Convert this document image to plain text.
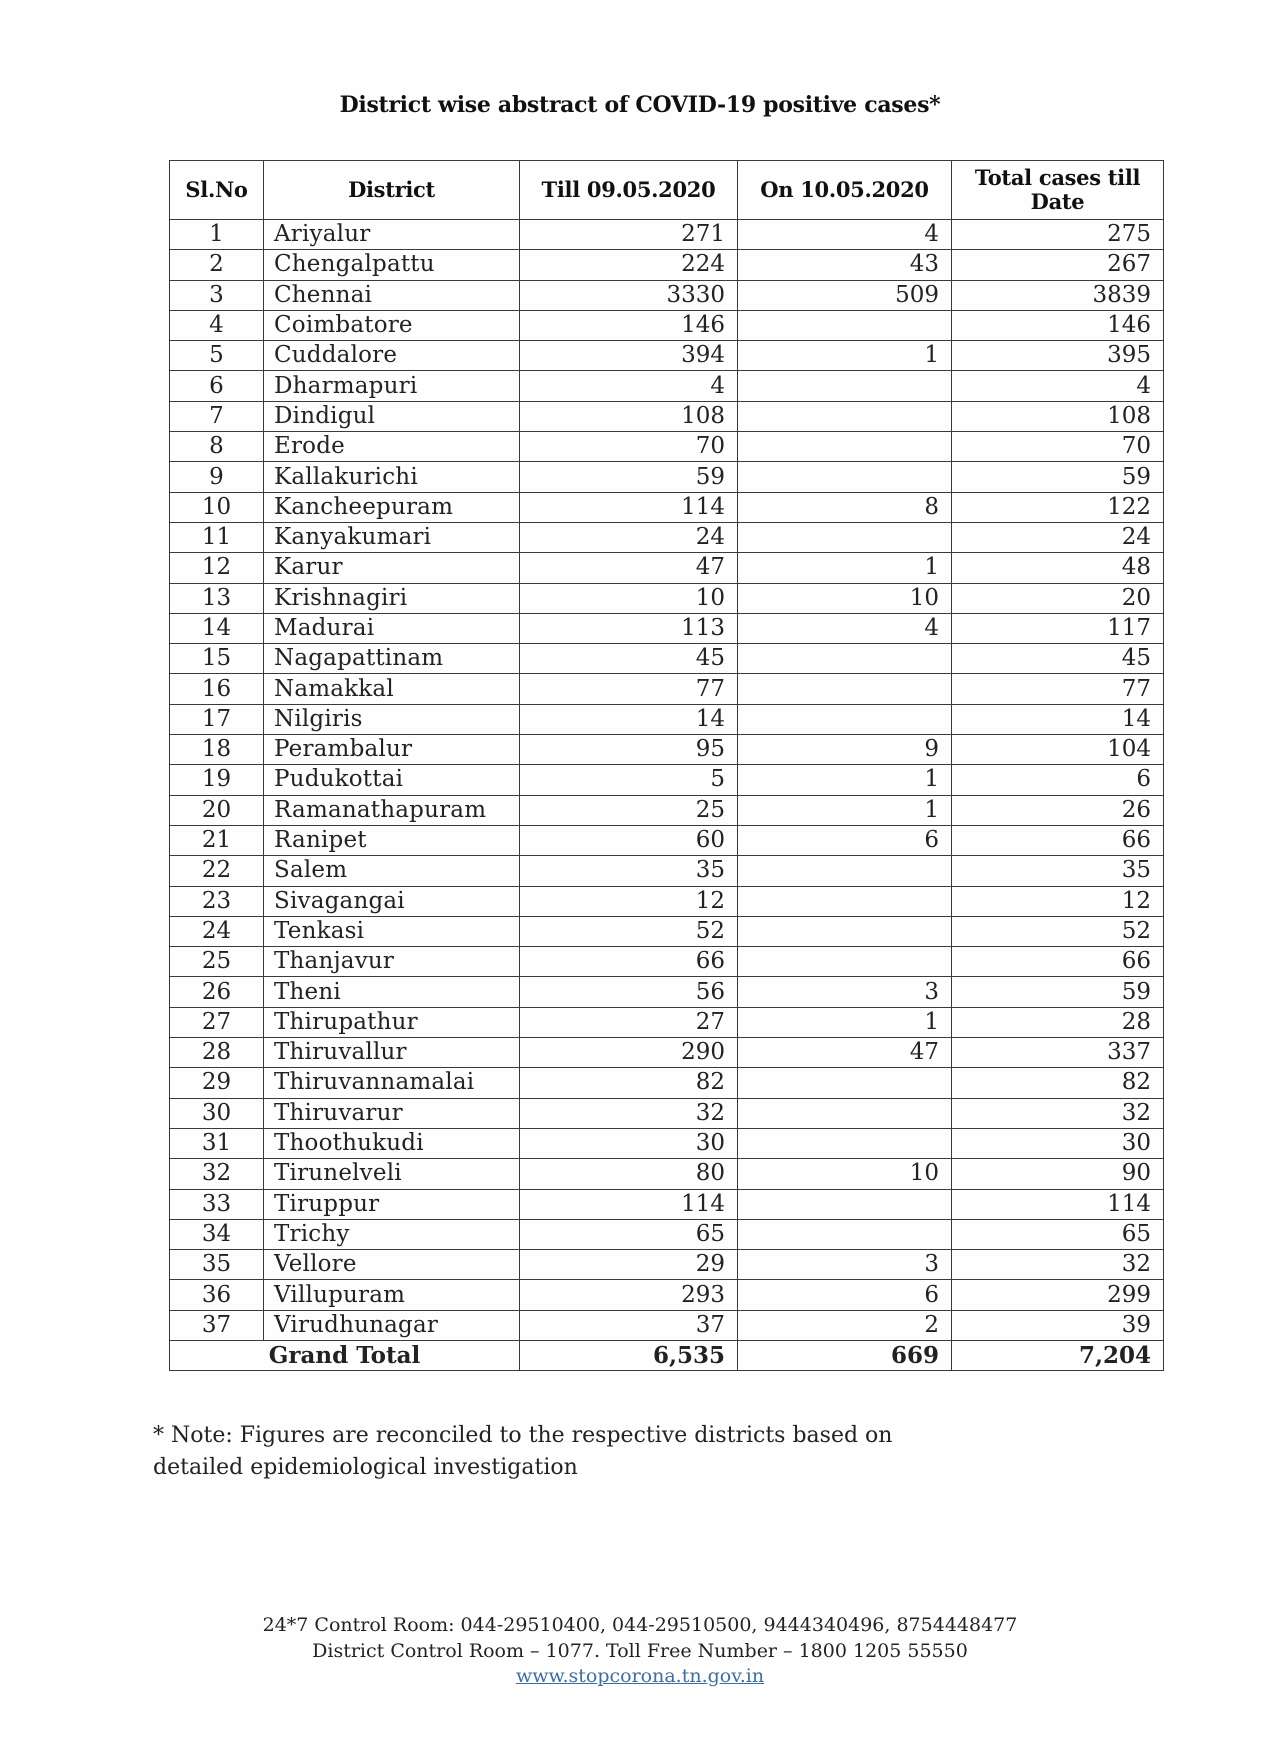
District wise abstract of COVID-19 positive cases*
Sl.No	District	Till 09.05.2020	On 10.05.2020	Total cases till Date
1	Ariyalur	271	4	275
2	Chengalpattu	224	43	267
3	Chennai	3330	509	3839
4	Coimbatore	146		146
5	Cuddalore	394	1	395
6	Dharmapuri	4		4
7	Dindigul	108		108
8	Erode	70		70
9	Kallakurichi	59		59
10	Kancheepuram	114	8	122
11	Kanyakumari	24		24
12	Karur	47	1	48
13	Krishnagiri	10	10	20
14	Madurai	113	4	117
15	Nagapattinam	45		45
16	Namakkal	77		77
17	Nilgiris	14		14
18	Perambalur	95	9	104
19	Pudukottai	5	1	6
20	Ramanathapuram	25	1	26
21	Ranipet	60	6	66
22	Salem	35		35
23	Sivagangai	12		12
24	Tenkasi	52		52
25	Thanjavur	66		66
26	Theni	56	3	59
27	Thirupathur	27	1	28
28	Thiruvallur	290	47	337
29	Thiruvannamalai	82		82
30	Thiruvarur	32		32
31	Thoothukudi	30		30
32	Tirunelveli	80	10	90
33	Tiruppur	114		114
34	Trichy	65		65
35	Vellore	29	3	32
36	Villupuram	293	6	299
37	Virudhunagar	37	2	39
Grand Total		6,535	669	7,204
* Note: Figures are reconciled to the respective districts based on
detailed epidemiological investigation
24*7 Control Room: 044-29510400, 044-29510500, 9444340496, 8754448477
District Control Room – 1077. Toll Free Number – 1800 1205 55550
www.stopcorona.tn.gov.in
